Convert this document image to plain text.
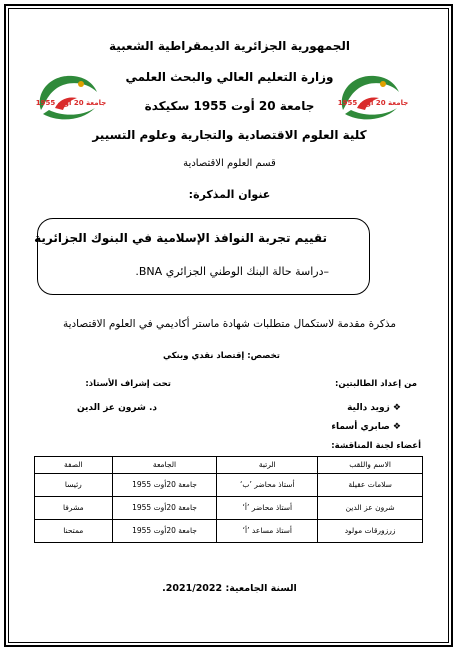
الجمهورية الجزائرية الديمقراطية الشعبية
وزارة التعليم العالي والبحث العلمي
جامعة 20 أوت 1955 سكيكدة
كلية العلوم الاقتصادية والتجارية وعلوم التسيير
قسم العلوم الاقتصادية
جامعة 20 أوت 1955	جامعة 20 أوت 1955
عنوان المذكرة:
تقييم تجربة النوافذ الإسلامية في البنوك الجزائرية
–دراسة حالة البنك الوطني الجزائري BNA.
مذكرة مقدمة لاستكمال متطلبات شهادة ماستر أكاديمي في العلوم الاقتصادية
تخصص: إقتصاد نقدي وبنكي
من إعداد الطالبتين:
تحت إشراف الأستاذ:
❖ زويد دالية
د. شرون عز الدين
❖ صابري أسماء
أعضاء لجنة المناقشة:
الاسم واللقب	الرتبة	الجامعة	الصفة
سلامات عقيلة	أستاذ محاضر ’ب‘	جامعة 20أوت 1955	رئيسا
شرون عز الدين	أستاذ محاضر ’أ‘	جامعة 20أوت 1955	مشرفا
زرزورقات مولود	أستاذ مساعد ’أ‘	جامعة 20أوت 1955	ممتحنا
السنة الجامعية: 2021/2022.
